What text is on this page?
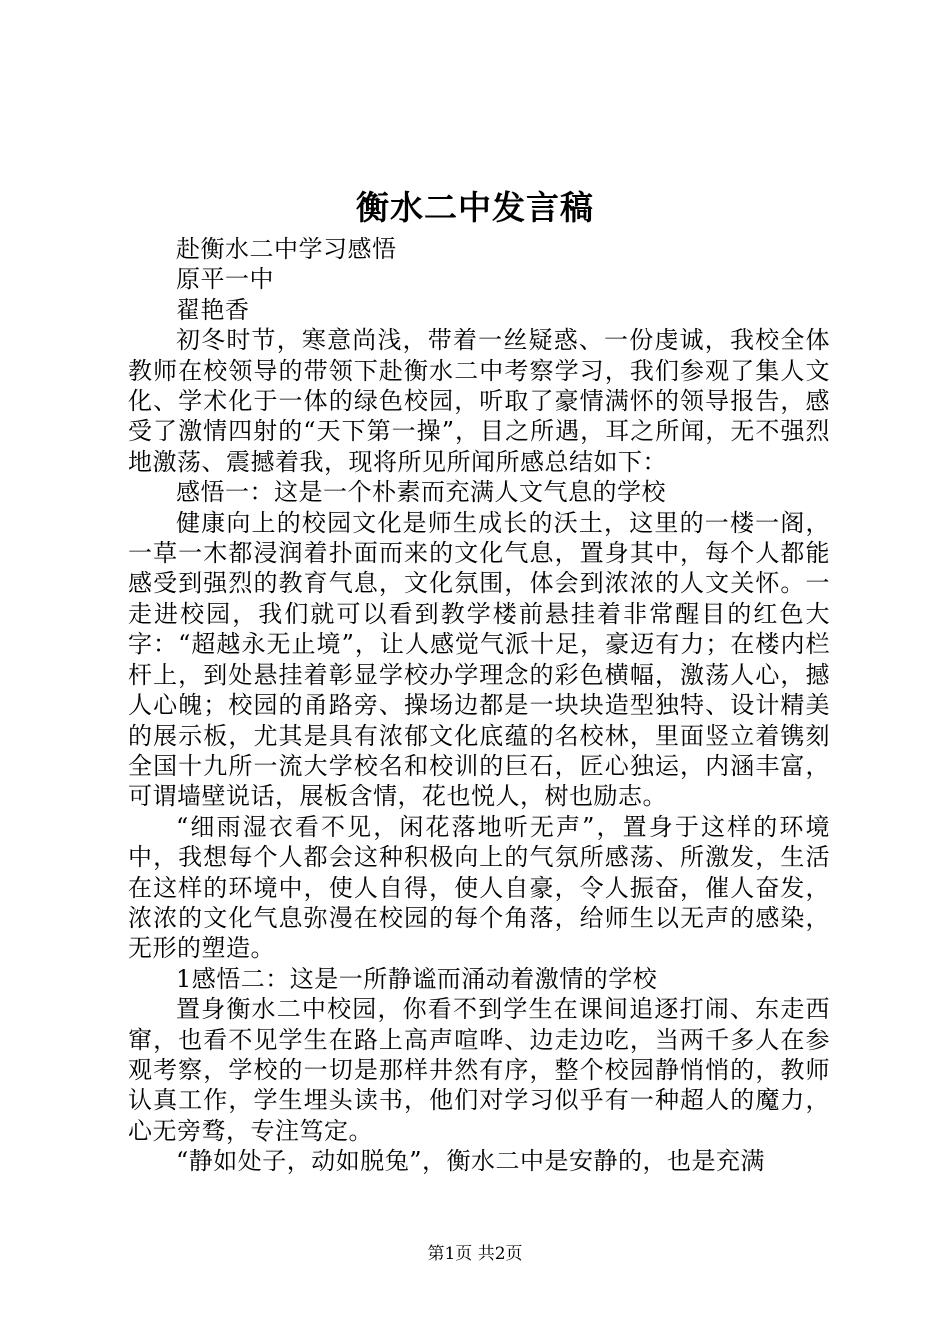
衡水二中发言稿

赴衡水二中学习感悟

原平一中

翟艳香

初冬时节，寒意尚浅，带着一丝疑惑、一份虔诚，我校全体教师在校领导的带领下赴衡水二中考察学习，我们参观了集人文化、学术化于一体的绿色校园，听取了豪情满怀的领导报告，感受了激情四射的“天下第一操”，目之所遇，耳之所闻，无不强烈地激荡、震撼着我，现将所见所闻所感总结如下：

感悟一：这是一个朴素而充满人文气息的学校

健康向上的校园文化是师生成长的沃土，这里的一楼一阁，一草一木都浸润着扑面而来的文化气息，置身其中，每个人都能感受到强烈的教育气息，文化氛围，体会到浓浓的人文关怀。一走进校园，我们就可以看到教学楼前悬挂着非常醒目的红色大字：“超越永无止境”，让人感觉气派十足，豪迈有力；在楼内栏杆上，到处悬挂着彰显学校办学理念的彩色横幅，激荡人心，撼人心魄；校园的甬路旁、操场边都是一块块造型独特、设计精美的展示板，尤其是具有浓郁文化底蕴的名校林，里面竖立着镌刻全国十九所一流大学校名和校训的巨石，匠心独运，内涵丰富，可谓墙壁说话，展板含情，花也悦人，树也励志。

“细雨湿衣看不见，闲花落地听无声”，置身于这样的环境中，我想每个人都会这种积极向上的气氛所感荡、所激发，生活在这样的环境中，使人自得，使人自豪，令人振奋，催人奋发，浓浓的文化气息弥漫在校园的每个角落，给师生以无声的感染，无形的塑造。

1感悟二：这是一所静谧而涌动着激情的学校

置身衡水二中校园，你看不到学生在课间追逐打闹、东走西窜，也看不见学生在路上高声喧哗、边走边吃，当两千多人在参观考察，学校的一切是那样井然有序，整个校园静悄悄的，教师认真工作，学生埋头读书，他们对学习似乎有一种超人的魔力，心无旁骛，专注笃定。

“静如处子，动如脱兔”，衡水二中是安静的，也是充满

第1页 共2页
